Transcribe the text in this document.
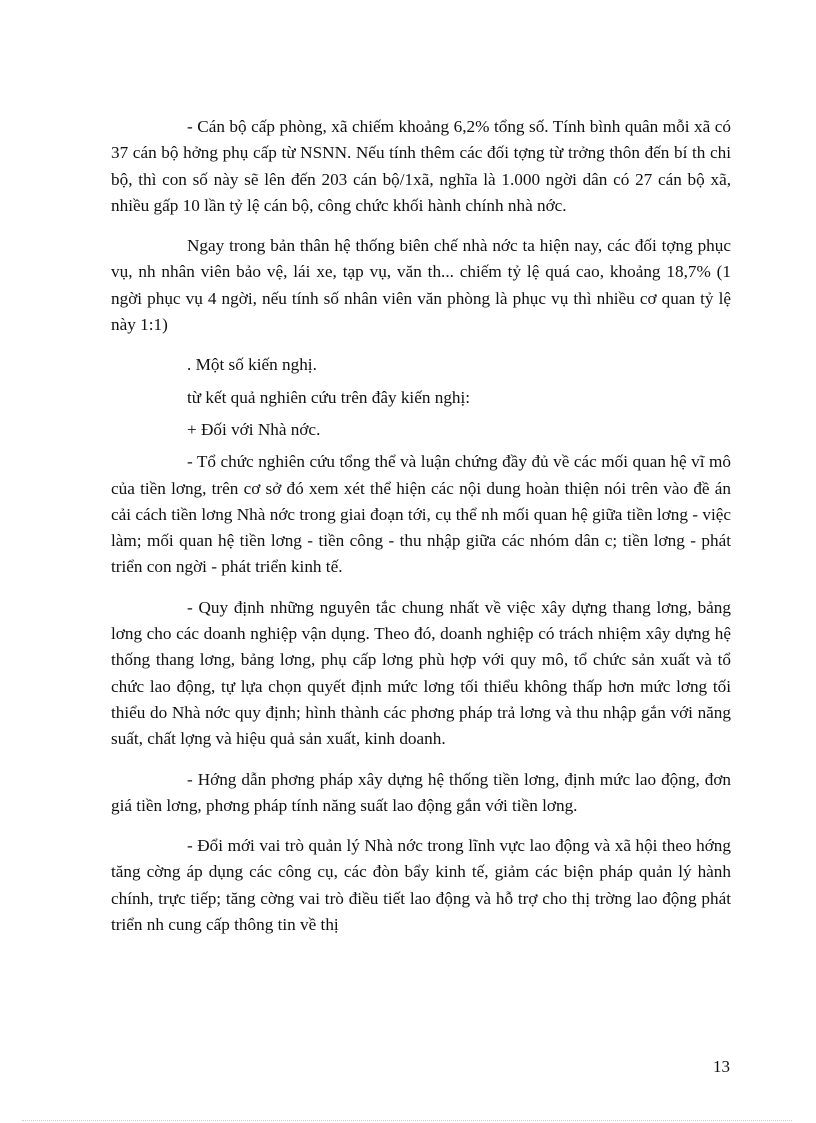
- Cán bộ cấp phòng, xã chiếm khoảng 6,2% tổng số. Tính bình quân mỗi xã có 37 cán bộ hởng phụ cấp từ NSNN. Nếu tính thêm các đối tợng từ trởng thôn đến bí th chi bộ, thì con số này sẽ lên đến 203 cán bộ/1xã, nghĩa là 1.000 ngời dân có 27 cán bộ xã, nhiều gấp 10 lần tỷ lệ cán bộ, công chức khối hành chính nhà nớc.

Ngay trong bản thân hệ thống biên chế nhà nớc ta hiện nay, các đối tợng phục vụ, nh nhân viên bảo vệ, lái xe, tạp vụ, văn th... chiếm tỷ lệ quá cao, khoảng 18,7% (1 ngời phục vụ 4 ngời, nếu tính số nhân viên văn phòng là phục vụ thì nhiều cơ quan tỷ lệ này 1:1)

. Một số kiến nghị.

từ kết quả nghiên cứu trên đây kiến nghị:

+ Đối với Nhà nớc.

- Tổ chức nghiên cứu tổng thể và luận chứng đầy đủ về các mối quan hệ vĩ mô của tiền lơng, trên cơ sở đó xem xét thể hiện các nội dung hoàn thiện nói trên vào đề án cải cách tiền lơng Nhà nớc trong giai đoạn tới, cụ thể nh mối quan hệ giữa tiền lơng - việc làm; mối quan hệ tiền lơng - tiền công - thu nhập giữa các nhóm dân c; tiền lơng - phát triển con ngời - phát triển kinh tế.

- Quy định những nguyên tắc chung nhất về việc xây dựng thang lơng, bảng lơng cho các doanh nghiệp vận dụng. Theo đó, doanh nghiệp có trách nhiệm xây dựng hệ thống thang lơng, bảng lơng, phụ cấp lơng phù hợp với quy mô, tổ chức sản xuất và tổ chức lao động, tự lựa chọn quyết định mức lơng tối thiểu không thấp hơn mức lơng tối thiểu do Nhà nớc quy định; hình thành các phơng pháp trả lơng và thu nhập gắn với năng suất, chất lợng và hiệu quả sản xuất, kinh doanh.

- Hớng dẫn phơng pháp xây dựng hệ thống tiền lơng, định mức lao động, đơn giá tiền lơng, phơng pháp tính năng suất lao động gắn với tiền lơng.

- Đổi mới vai trò quản lý Nhà nớc trong lĩnh vực lao động và xã hội theo hớng tăng cờng áp dụng các công cụ, các đòn bẩy kinh tế, giảm các biện pháp quản lý hành chính, trực tiếp; tăng cờng vai trò điều tiết lao động và hỗ trợ cho thị trờng lao động phát triển nh cung cấp thông tin về thị

13
